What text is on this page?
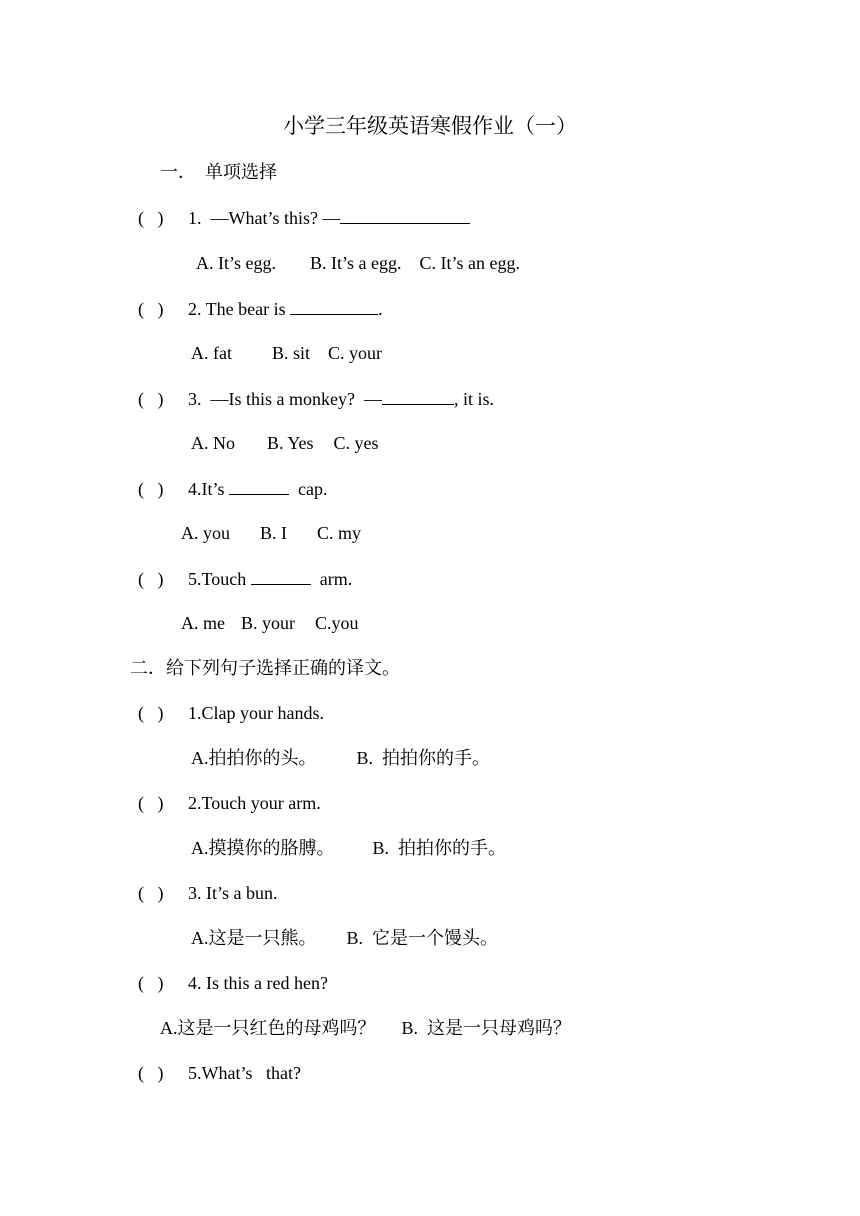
小学三年级英语寒假作业（一）
一．  单项选择
(   ) 1.  —What’s this? —
A. It’s egg. B. It’s a egg. C. It’s an egg.
(   ) 2. The bear is	.
A. fat B. sit C. your
(   ) 3.  —Is this a monkey?  —	, it is.
A. No B. Yes C. yes
(   ) 4.It’s	cap.
A. you B. I C. my
(   ) 5.Touch	arm.
A. me B. your C.you
二．给下列句子选择正确的译文。
(   ) 1.Clap your hands.
A.拍拍你的头。 B.  拍拍你的手。
(   ) 2.Touch your arm.
A.摸摸你的胳膊。 B.  拍拍你的手。
(   ) 3. It’s a bun.
A.这是一只熊。 B.  它是一个馒头。
(   ) 4. Is this a red hen?
A.这是一只红色的母鸡吗？ B.  这是一只母鸡吗？
(   ) 5.What’s   that?
